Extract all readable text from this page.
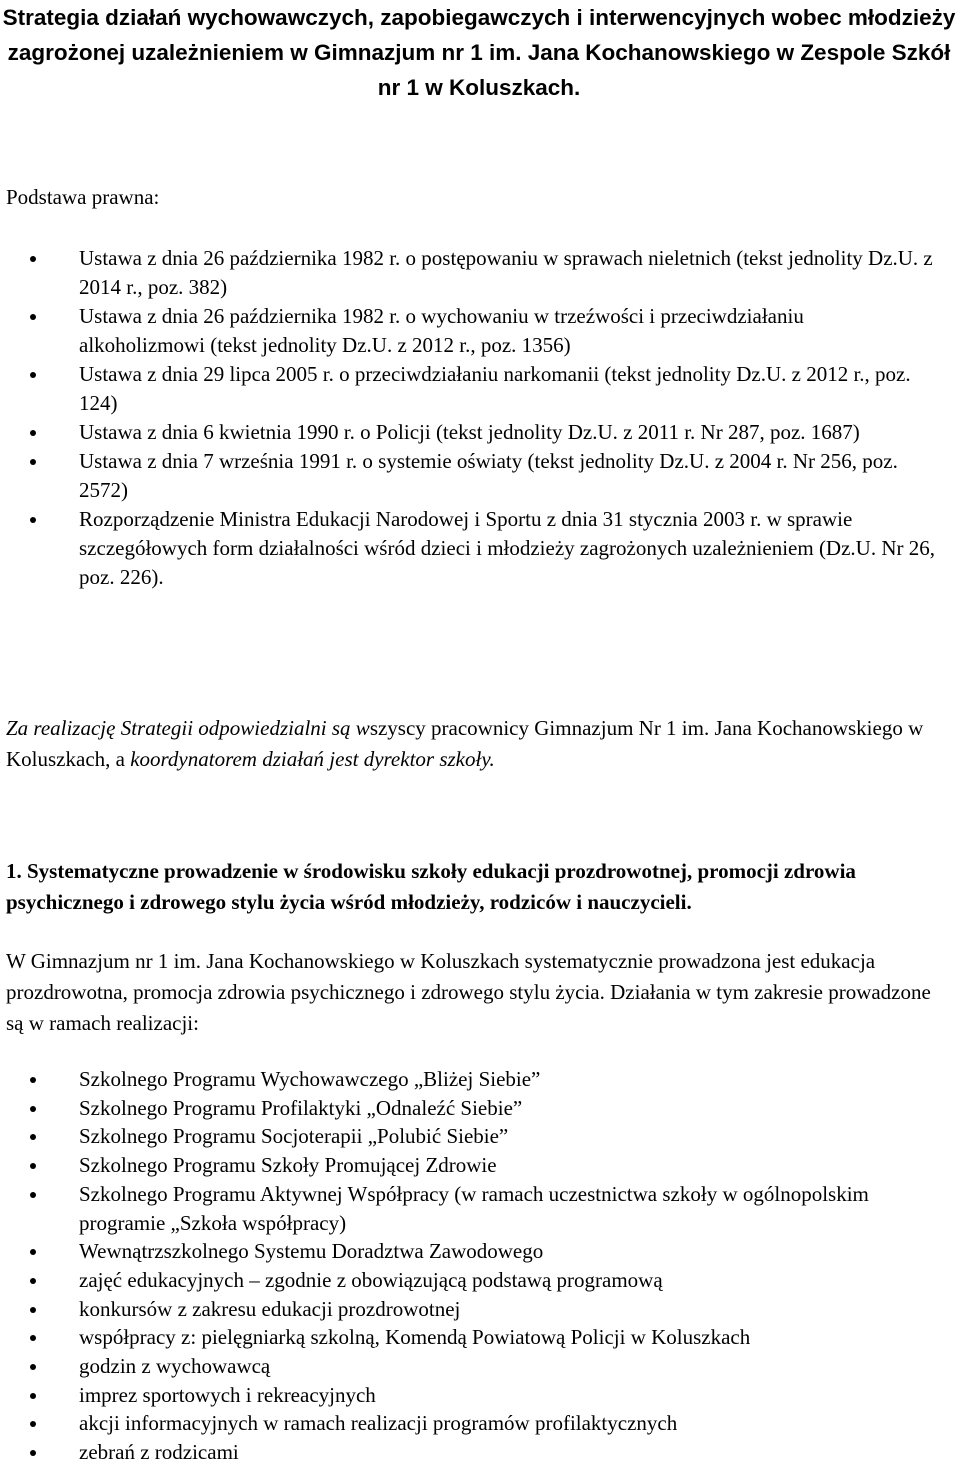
Strategia działań wychowawczych, zapobiegawczych i interwencyjnych wobec młodzieży zagrożonej uzależnieniem w Gimnazjum nr 1 im. Jana Kochanowskiego w Zespole Szkół nr 1 w Koluszkach.
Podstawa prawna:
Ustawa z dnia 26 października 1982 r. o postępowaniu w sprawach nieletnich (tekst jednolity Dz.U. z 2014 r., poz. 382)
Ustawa z dnia 26 października 1982 r. o wychowaniu w trzeźwości i przeciwdziałaniu alkoholizmowi (tekst jednolity Dz.U. z 2012 r., poz. 1356)
Ustawa z dnia 29 lipca 2005 r. o przeciwdziałaniu narkomanii (tekst jednolity Dz.U. z 2012 r., poz. 124)
Ustawa z dnia 6 kwietnia 1990 r. o Policji (tekst jednolity Dz.U. z 2011 r. Nr 287, poz. 1687)
Ustawa z dnia 7 września 1991 r. o systemie oświaty (tekst jednolity Dz.U. z 2004 r. Nr 256, poz. 2572)
Rozporządzenie Ministra Edukacji Narodowej i Sportu z dnia 31 stycznia 2003 r. w sprawie szczegółowych form działalności wśród dzieci i młodzieży zagrożonych uzależnieniem (Dz.U. Nr 26, poz. 226).

Za realizację Strategii odpowiedzialni są wszyscy pracownicy Gimnazjum Nr 1 im. Jana Kochanowskiego w Koluszkach, a koordynatorem działań jest dyrektor szkoły.

1. Systematyczne prowadzenie w środowisku szkoły edukacji prozdrowotnej, promocji zdrowia psychicznego i zdrowego stylu życia wśród młodzieży, rodziców i nauczycieli.

W Gimnazjum nr 1 im. Jana Kochanowskiego w Koluszkach systematycznie prowadzona jest edukacja prozdrowotna, promocja zdrowia psychicznego i zdrowego stylu życia. Działania w tym zakresie prowadzone są w ramach realizacji:

Szkolnego Programu Wychowawczego „Bliżej Siebie”
Szkolnego Programu Profilaktyki „Odnaleźć Siebie”
Szkolnego Programu Socjoterapii „Polubić Siebie”
Szkolnego Programu Szkoły Promującej Zdrowie
Szkolnego Programu Aktywnej Współpracy (w ramach uczestnictwa szkoły w ogólnopolskim programie „Szkoła współpracy)
Wewnątrzszkolnego Systemu Doradztwa Zawodowego
zajęć edukacyjnych – zgodnie z obowiązującą podstawą programową
konkursów z zakresu edukacji prozdrowotnej
współpracy z: pielęgniarką szkolną, Komendą Powiatową Policji w Koluszkach
godzin z wychowawcą
imprez sportowych i rekreacyjnych
akcji informacyjnych w ramach realizacji programów profilaktycznych
zebrań z rodzicami
